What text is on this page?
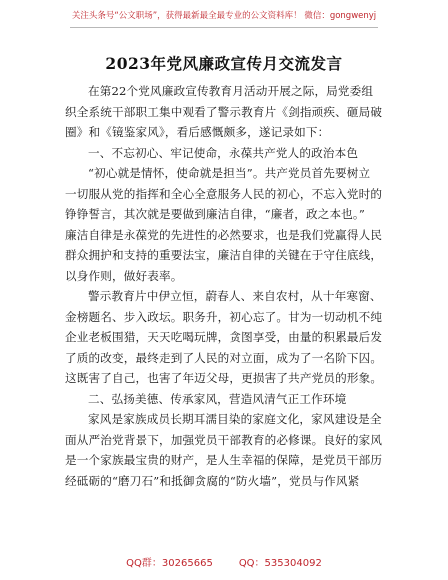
关注头条号“公文职场”，获得最新最全最专业的公文资料库！ 微信：gongwenyj
2023年党风廉政宣传月交流发言

在第22个党风廉政宣传教育月活动开展之际，局党委组

织全系统干部职工集中观看了警示教育片《剑指顽疾、砸局破

圈》和《镜鉴家风》，看后感慨颇多，遂记录如下：

一、不忘初心、牢记使命，永葆共产党人的政治本色

“初心就是情怀，使命就是担当”。共产党员首先要树立

一切服从党的指挥和全心全意服务人民的初心，不忘入党时的

铮铮誓言，其次就是要做到廉洁自律，“廉者，政之本也。”

廉洁自律是永葆党的先进性的必然要求，也是我们党赢得人民

群众拥护和支持的重要法宝，廉洁自律的关键在于守住底线，

以身作则，做好表率。

警示教育片中伊立恒，蔚春人、来自农村，从十年寒窗、

金榜题名、步入政坛。职务升，初心忘了。甘为一切动机不纯

企业老板围猎，天天吃喝玩牌，贪图享受，由量的积累最后发

了质的改变，最终走到了人民的对立面，成为了一名阶下囚。

这既害了自己，也害了年迈父母，更损害了共产党员的形象。

二、弘扬美德、传承家风，营造风清气正工作环境

家风是家族成员长期耳濡目染的家庭文化，家风建设是全

面从严治党背景下，加强党员干部教育的必修课。良好的家风

是一个家族最宝贵的财产，是人生幸福的保障，是党员干部历

经砥砺的“磨刀石”和抵御贪腐的“防火墙”，党员与作风紧

QQ群：30265665	QQ：535304092
